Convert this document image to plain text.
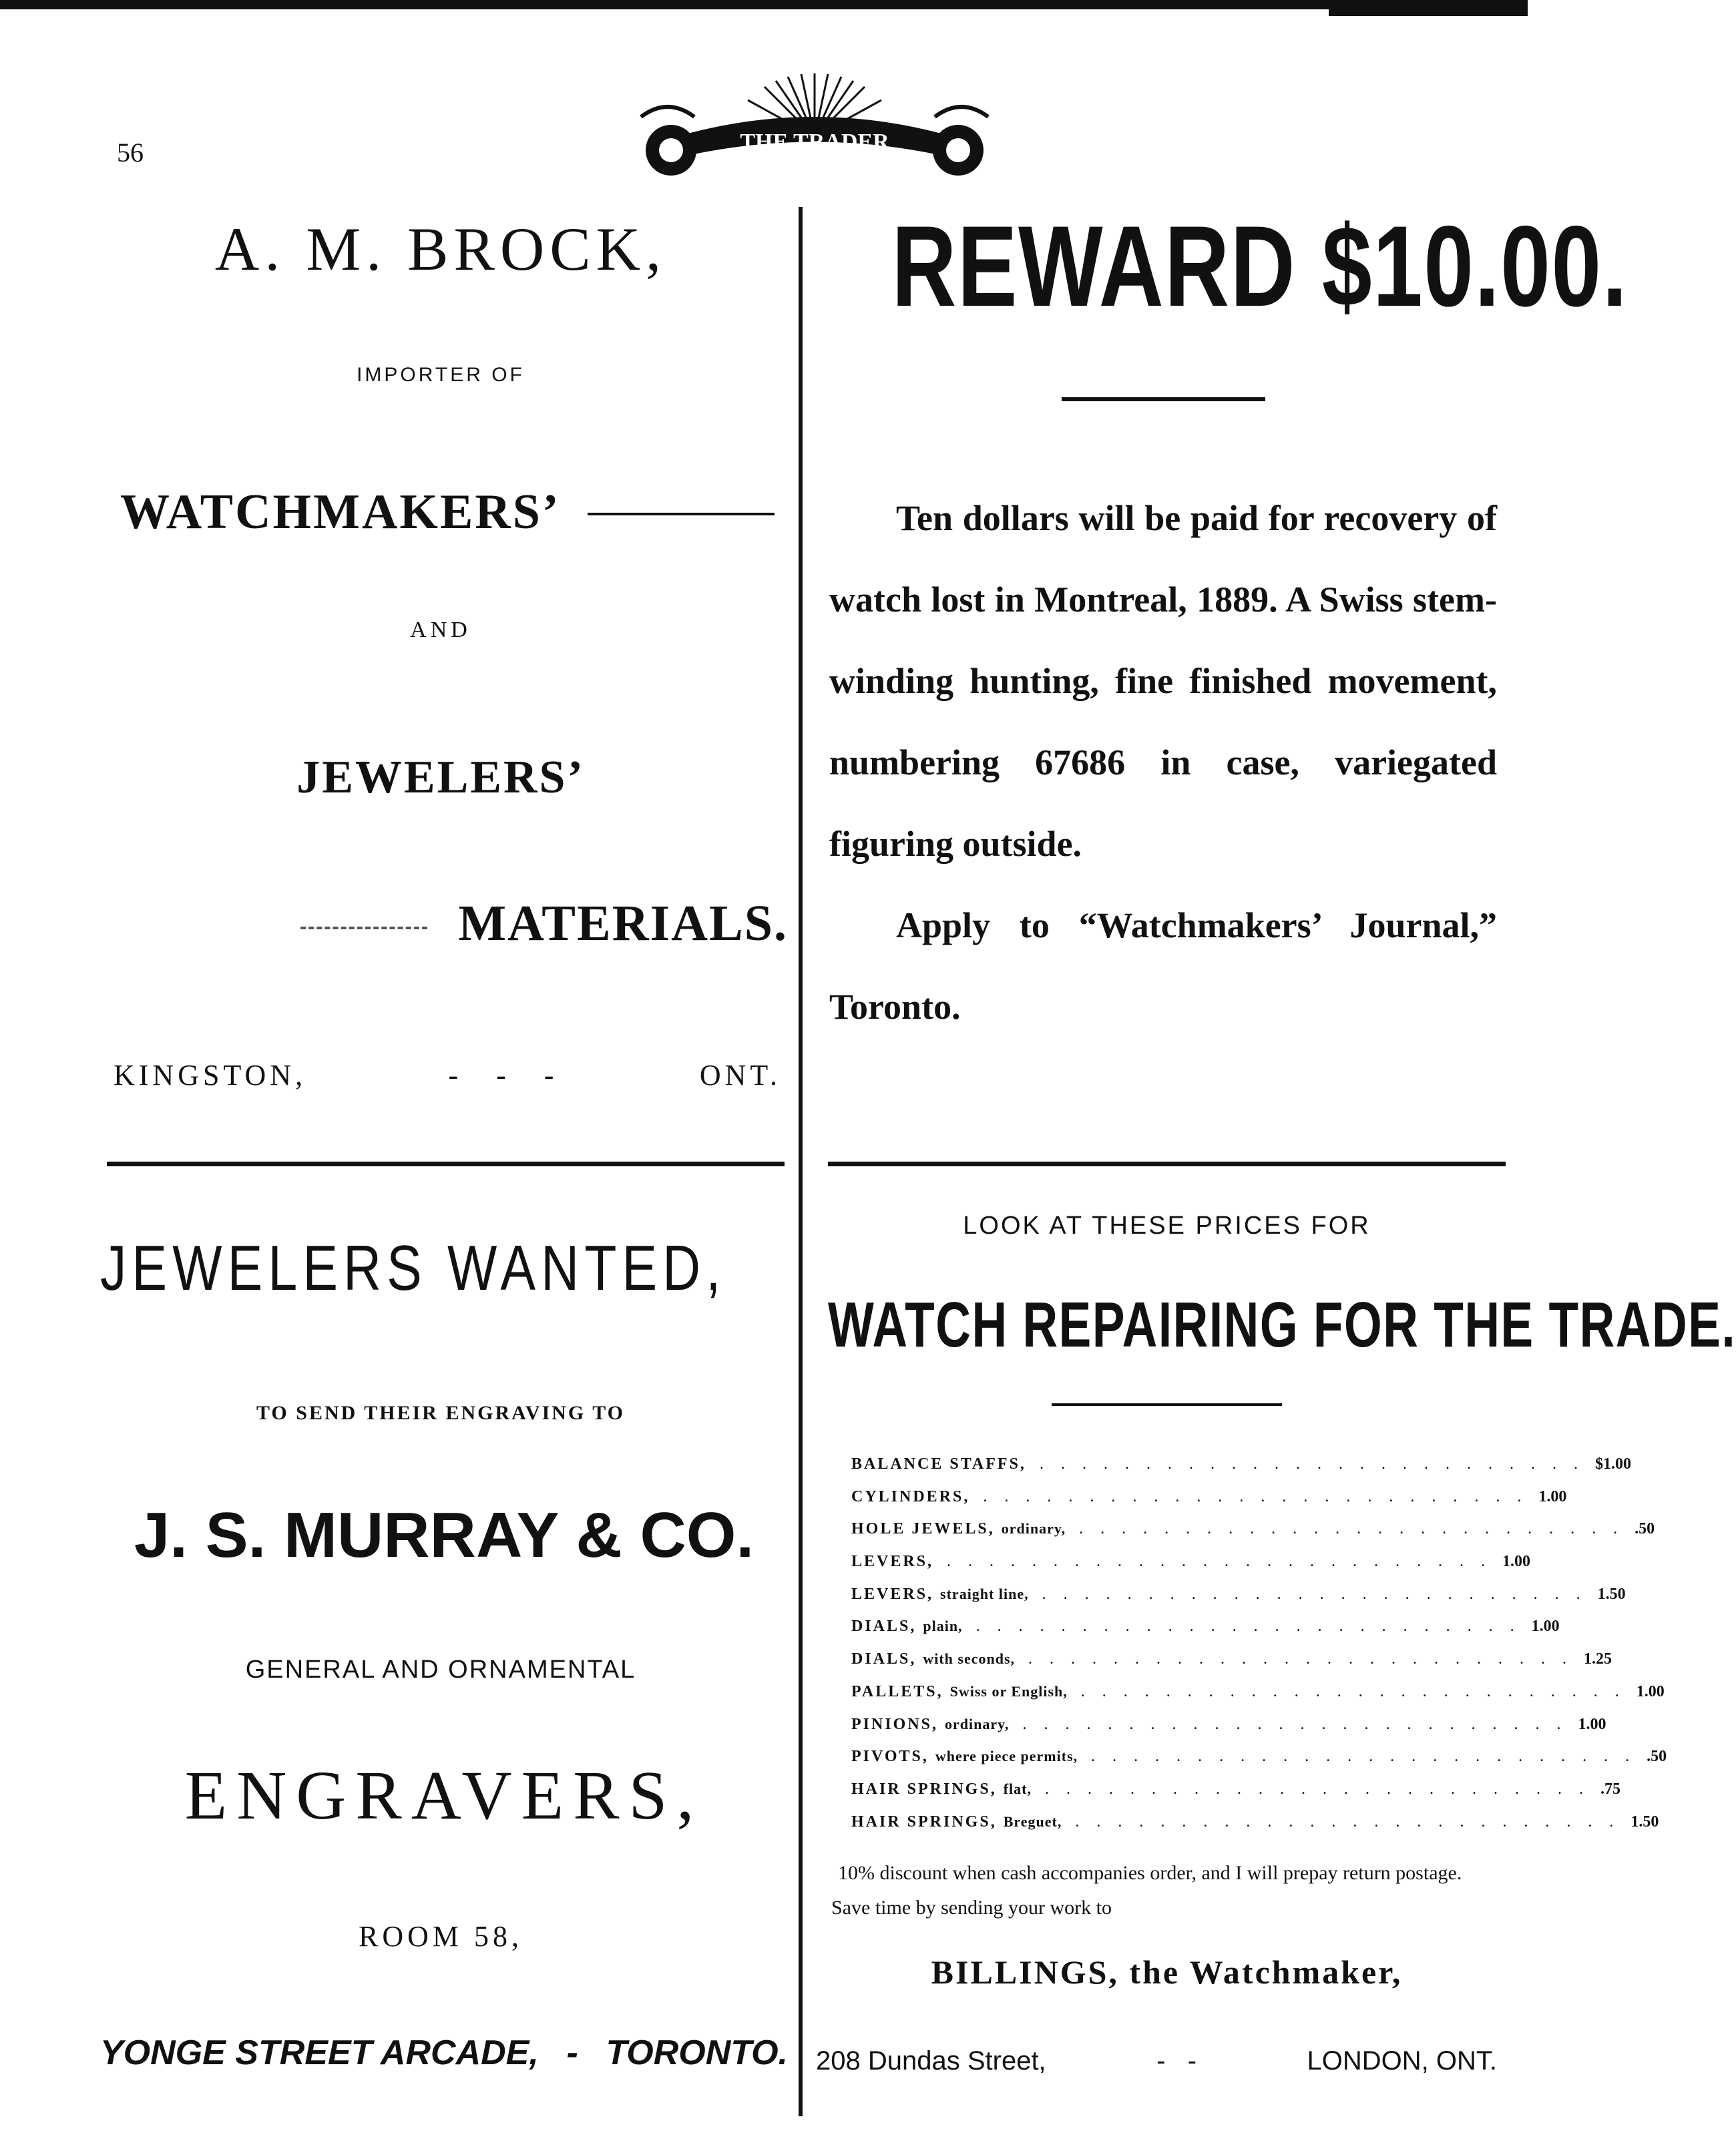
56	THE TRADER
A. M. BROCK,
IMPORTER OF
WATCHMAKERS’
AND
JEWELERS’
MATERIALS.
KINGSTON,	-   -   -	ONT.
JEWELERS WANTED,
TO SEND THEIR ENGRAVING TO
J. S. MURRAY & CO.
GENERAL AND ORNAMENTAL
ENGRAVERS,
ROOM 58,
YONGE STREET ARCADE, - TORONTO.
REWARD $10.00.

Ten dollars will be paid for recovery of watch lost in Montreal, 1889. A Swiss stem-winding hunting, fine finished movement, numbering 67686 in case, variegated figuring outside.

Apply to “Watchmakers’ Journal,” Toronto.

LOOK AT THESE PRICES FOR
WATCH REPAIRING FOR THE TRADE.
BALANCE STAFFS, .......................... $1.00
CYLINDERS, .......................... 1.00
HOLE JEWELS, ordinary, .......................... .50
LEVERS, .......................... 1.00
LEVERS, straight line, .......................... 1.50
DIALS, plain, .......................... 1.00
DIALS, with seconds, .......................... 1.25
PALLETS, Swiss or English, .......................... 1.00
PINIONS, ordinary, .......................... 1.00
PIVOTS, where piece permits, .......................... .50
HAIR SPRINGS, flat, .......................... .75
HAIR SPRINGS, Breguet, .......................... 1.50
10% discount when cash accompanies order, and I will prepay return postage. Save time by sending your work to
BILLINGS, the Watchmaker,
208 Dundas Street,	-   -	LONDON, ONT.
